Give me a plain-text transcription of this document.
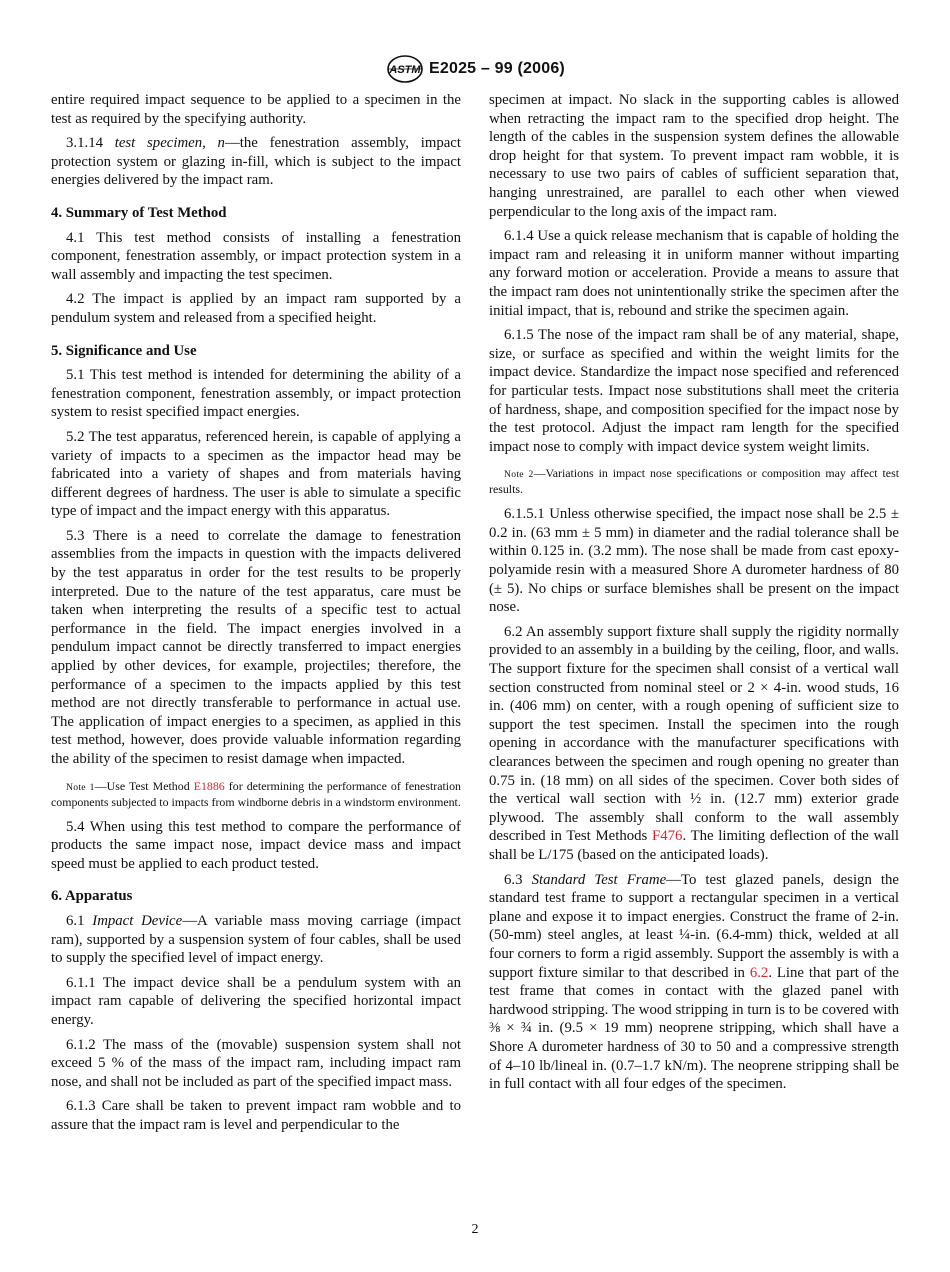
ASTM E2025 – 99 (2006)

entire required impact sequence to be applied to a specimen in the test as required by the specifying authority.

3.1.14 test specimen, n—the fenestration assembly, impact protection system or glazing in-fill, which is subject to the impact energies delivered by the impact ram.

4. Summary of Test Method

4.1 This test method consists of installing a fenestration component, fenestration assembly, or impact protection system in a wall assembly and impacting the test specimen.

4.2 The impact is applied by an impact ram supported by a pendulum system and released from a specified height.

5. Significance and Use

5.1 This test method is intended for determining the ability of a fenestration component, fenestration assembly, or impact protection system to resist specified impact energies.

5.2 The test apparatus, referenced herein, is capable of applying a variety of impacts to a specimen as the impactor head may be fabricated into a variety of shapes and from materials having different degrees of hardness. The user is able to simulate a specific type of impact and the impact energy with this apparatus.

5.3 There is a need to correlate the damage to fenestration assemblies from the impacts in question with the impacts delivered by the test apparatus in order for the test results to be properly interpreted. Due to the nature of the test apparatus, care must be taken when interpreting the results of a specific test to actual performance in the field. The impact energies involved in a pendulum impact cannot be directly transferred to impact energies applied by other devices, for example, projectiles; therefore, the performance of a specimen to the impacts applied by this test method are not directly transferable to performance in actual use. The application of impact energies to a specimen, as applied in this test method, however, does provide valuable information regarding the ability of the specimen to resist damage when impacted.

Note 1—Use Test Method E1886 for determining the performance of fenestration components subjected to impacts from windborne debris in a windstorm environment.

5.4 When using this test method to compare the performance of products the same impact nose, impact device mass and impact speed must be applied to each product tested.

6. Apparatus

6.1 Impact Device—A variable mass moving carriage (impact ram), supported by a suspension system of four cables, shall be used to supply the specified level of impact energy.

6.1.1 The impact device shall be a pendulum system with an impact ram capable of delivering the specified horizontal impact energy.

6.1.2 The mass of the (movable) suspension system shall not exceed 5 % of the mass of the impact ram, including impact ram nose, and shall not be included as part of the specified impact mass.

6.1.3 Care shall be taken to prevent impact ram wobble and to assure that the impact ram is level and perpendicular to the

specimen at impact. No slack in the supporting cables is allowed when retracting the impact ram to the specified drop height. The length of the cables in the suspension system defines the allowable drop height for that system. To prevent impact ram wobble, it is necessary to use two pairs of cables of sufficient separation that, hanging unrestrained, are parallel to each other when viewed perpendicular to the long axis of the impact ram.

6.1.4 Use a quick release mechanism that is capable of holding the impact ram and releasing it in uniform manner without imparting any forward motion or acceleration. Provide a means to assure that the impact ram does not unintentionally strike the specimen after the initial impact, that is, rebound and strike the specimen again.

6.1.5 The nose of the impact ram shall be of any material, shape, size, or surface as specified and within the weight limits for the impact device. Standardize the impact nose specified and referenced for particular tests. Impact nose substitutions shall meet the criteria of hardness, shape, and composition specified for the impact nose by the test protocol. Adjust the impact ram length for the specified impact nose to comply with impact device system weight limits.

Note 2—Variations in impact nose specifications or composition may affect test results.

6.1.5.1 Unless otherwise specified, the impact nose shall be 2.5 ± 0.2 in. (63 mm ± 5 mm) in diameter and the radial tolerance shall be within 0.125 in. (3.2 mm). The nose shall be made from cast epoxy-polyamide resin with a measured Shore A durometer hardness of 80 (± 5). No chips or surface blemishes shall be present on the impact nose.

6.2 An assembly support fixture shall supply the rigidity normally provided to an assembly in a building by the ceiling, floor, and walls. The support fixture for the specimen shall consist of a vertical wall section constructed from nominal steel or 2 × 4-in. wood studs, 16 in. (406 mm) on center, with a rough opening of sufficient size to support the test specimen. Install the specimen into the rough opening in accordance with the manufacturer specifications with clearances between the specimen and rough opening no greater than 0.75 in. (18 mm) on all sides of the specimen. Cover both sides of the vertical wall section with ½ in. (12.7 mm) exterior grade plywood. The assembly shall conform to the wall assembly described in Test Methods F476. The limiting deflection of the wall shall be L/175 (based on the anticipated loads).

6.3 Standard Test Frame—To test glazed panels, design the standard test frame to support a rectangular specimen in a vertical plane and expose it to impact energies. Construct the frame of 2-in. (50-mm) steel angles, at least ¼-in. (6.4-mm) thick, welded at all four corners to form a rigid assembly. Support the assembly is with a support fixture similar to that described in 6.2. Line that part of the test frame that comes in contact with the glazed panel with hardwood stripping. The wood stripping in turn is to be covered with ⅜ × ¾ in. (9.5 × 19 mm) neoprene stripping, which shall have a Shore A durometer hardness of 30 to 50 and a compressive strength of 4–10 lb/lineal in. (0.7–1.7 kN/m). The neoprene stripping shall be in full contact with all four edges of the specimen.

2
